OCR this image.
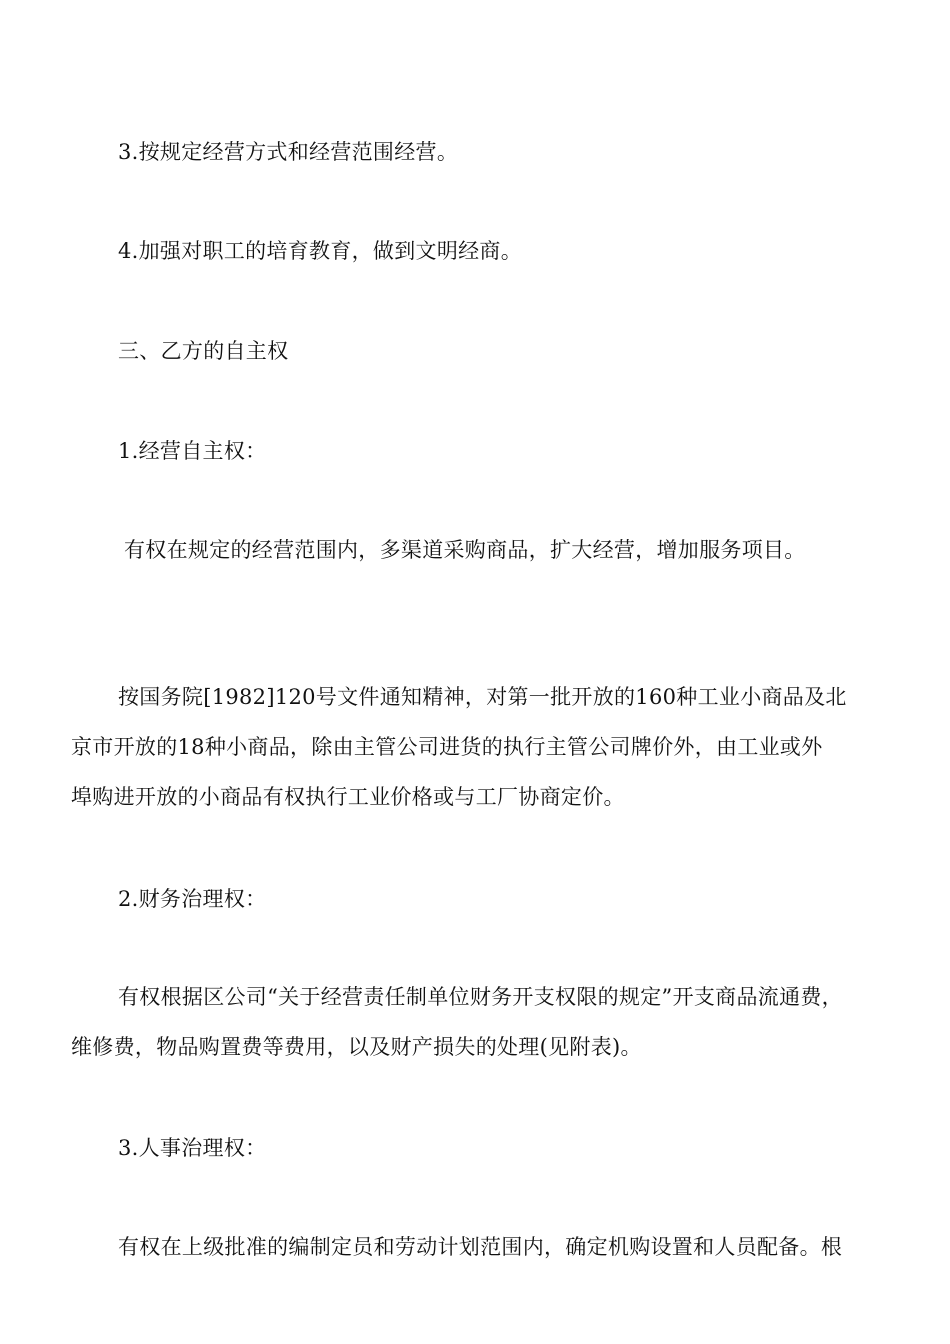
3.按规定经营方式和经营范围经营。

4.加强对职工的培育教育，做到文明经商。

三、乙方的自主权

1.经营自主权：

有权在规定的经营范围内，多渠道采购商品，扩大经营，增加服务项目。

按国务院[1982]120号文件通知精神，对第一批开放的160种工业小商品及北
京市开放的18种小商品，除由主管公司进货的执行主管公司牌价外，由工业或外
埠购进开放的小商品有权执行工业价格或与工厂协商定价。

2.财务治理权：

有权根据区公司“关于经营责任制单位财务开支权限的规定”开支商品流通费，
维修费，物品购置费等费用，以及财产损失的处理(见附表)。

3.人事治理权：

有权在上级批准的编制定员和劳动计划范围内，确定机购设置和人员配备。根
